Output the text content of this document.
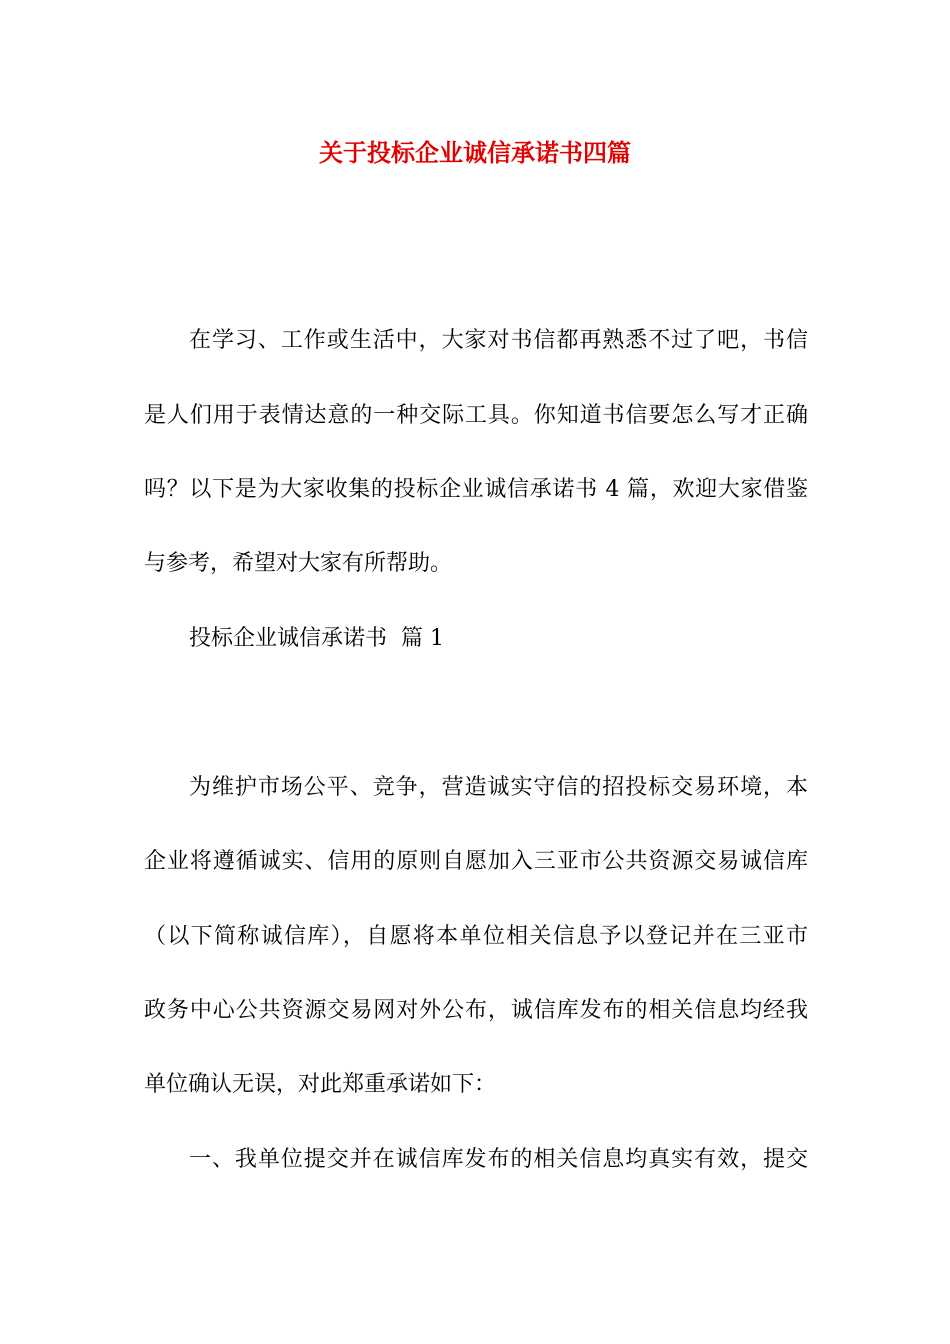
关于投标企业诚信承诺书四篇
在学习、工作或生活中，大家对书信都再熟悉不过了吧，书信
是人们用于表情达意的一种交际工具。你知道书信要怎么写才正确
吗？以下是为大家收集的投标企业诚信承诺书 4 篇，欢迎大家借鉴
与参考，希望对大家有所帮助。
投标企业诚信承诺书  篇 1
为维护市场公平、竞争，营造诚实守信的招投标交易环境，本
企业将遵循诚实、信用的原则自愿加入三亚市公共资源交易诚信库
（以下简称诚信库），自愿将本单位相关信息予以登记并在三亚市
政务中心公共资源交易网对外公布，诚信库发布的相关信息均经我
单位确认无误，对此郑重承诺如下：
一、我单位提交并在诚信库发布的相关信息均真实有效，提交
